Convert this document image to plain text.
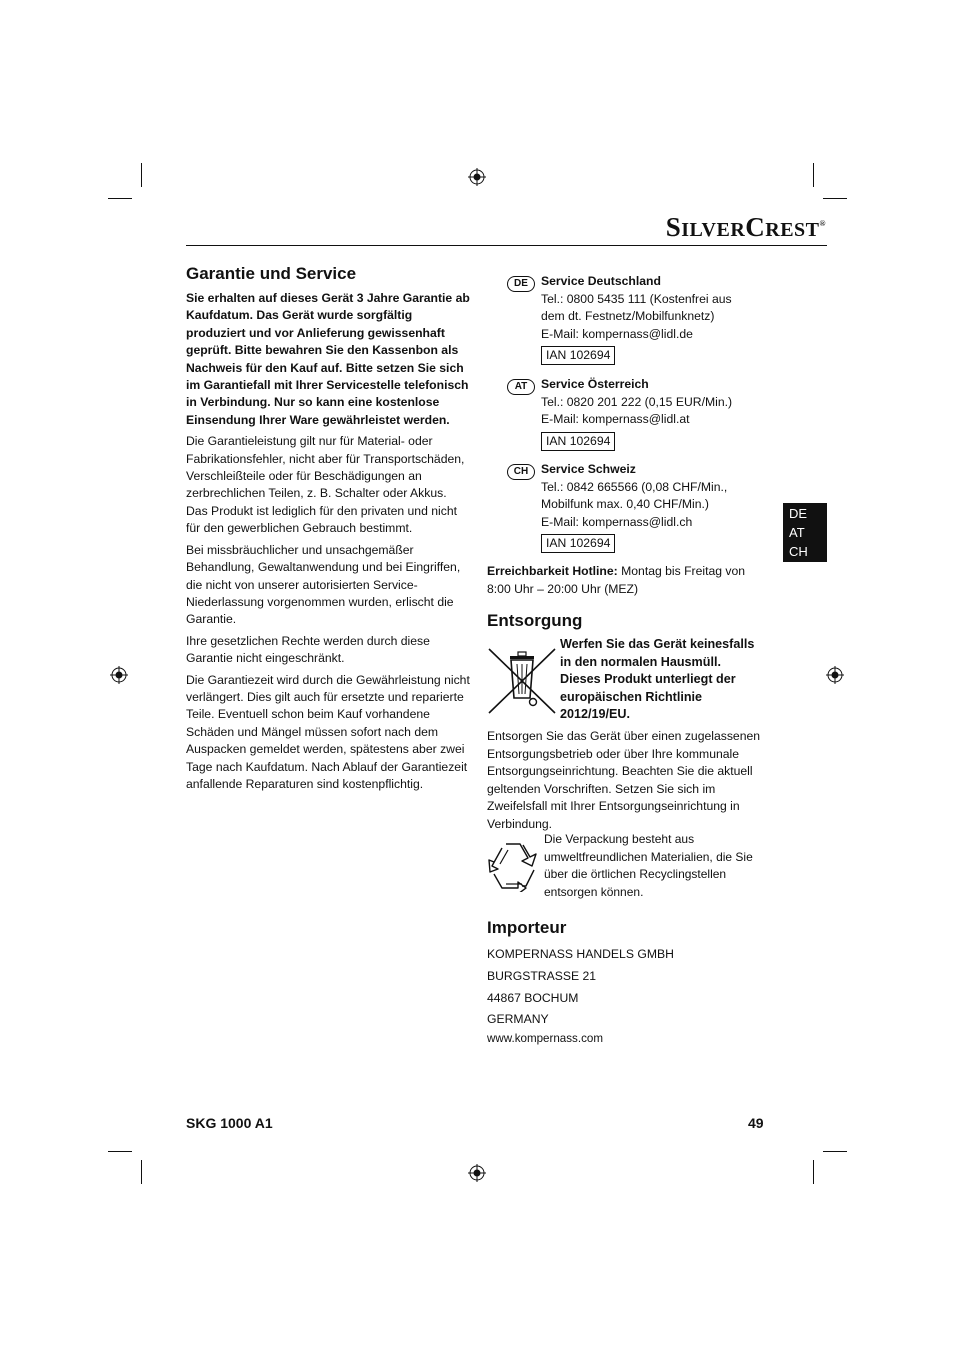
SILVERCREST®
Garantie und Service

Sie erhalten auf dieses Gerät 3 Jahre Garantie ab Kaufdatum. Das Gerät wurde sorgfältig produziert und vor Anlieferung gewissenhaft geprüft. Bitte bewahren Sie den Kassenbon als Nachweis für den Kauf auf. Bitte setzen Sie sich im Garantiefall mit Ihrer Servicestelle telefonisch in Verbindung. Nur so kann eine kostenlose Einsendung Ihrer Ware gewährleistet werden.

Die Garantieleistung gilt nur für Material- oder Fabrikationsfehler, nicht aber für Transportschäden, Verschleißteile oder für Beschädigungen an zerbrechlichen Teilen, z. B. Schalter oder Akkus. Das Produkt ist lediglich für den privaten und nicht für den gewerblichen Gebrauch bestimmt.

Bei missbräuchlicher und unsachgemäßer Behandlung, Gewaltanwendung und bei Eingriffen, die nicht von unserer autorisierten Service-Niederlassung vorgenommen wurden, erlischt die Garantie.

Ihre gesetzlichen Rechte werden durch diese Garantie nicht eingeschränkt.

Die Garantiezeit wird durch die Gewährleistung nicht verlängert. Dies gilt auch für ersetzte und reparierte Teile. Eventuell schon beim Kauf vorhandene Schäden und Mängel müssen sofort nach dem Auspacken gemeldet werden, spätestens aber zwei Tage nach Kaufdatum. Nach Ablauf der Garantiezeit anfallende Reparaturen sind kostenpflichtig.

DE	Service Deutschland
Tel.: 0800 5435 111 (Kostenfrei aus
dem dt. Festnetz/Mobilfunknetz)
E-Mail: kompernass@lidl.de
IAN 102694
AT	Service Österreich
Tel.: 0820 201 222 (0,15 EUR/Min.)
E-Mail: kompernass@lidl.at
IAN 102694
CH	Service Schweiz
Tel.: 0842 665566 (0,08 CHF/Min.,
Mobilfunk max. 0,40 CHF/Min.)
E-Mail: kompernass@lidl.ch
IAN 102694
Erreichbarkeit Hotline: Montag bis Freitag von 8:00 Uhr – 20:00 Uhr (MEZ)
Entsorgung
Werfen Sie das Gerät keinesfalls in den normalen Hausmüll. Dieses Produkt unterliegt der europäischen Richtlinie 2012/19/EU.
Entsorgen Sie das Gerät über einen zugelassenen Entsorgungsbetrieb oder über Ihre kommunale Entsorgungseinrichtung. Beachten Sie die aktuell geltenden Vorschriften. Setzen Sie sich im Zweifelsfall mit Ihrer Entsorgungseinrichtung in Verbindung.
Die Verpackung besteht aus umweltfreundlichen Materialien, die Sie über die örtlichen Recyclingstellen entsorgen können.
Importeur
KOMPERNASS HANDELS GMBH
BURGSTRASSE 21
44867 BOCHUM
GERMANY
www.kompernass.com
DE
AT
CH
SKG 1000 A1	49
